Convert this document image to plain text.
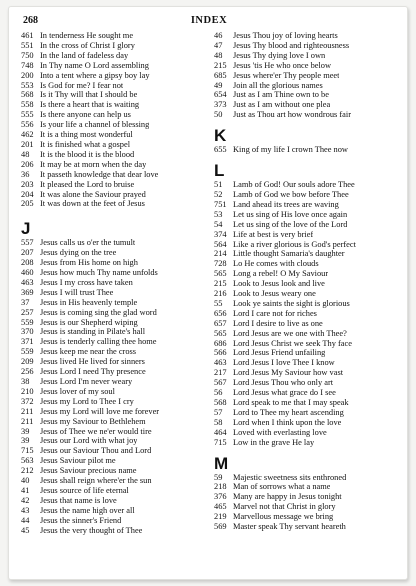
268	INDEX
461 In tenderness He sought me
551 In the cross of Christ I glory
750 In the land of fadeless day
748 In Thy name O Lord assembling
200 Into a tent where a gipsy boy lay
553 Is God for me? I fear not
568 Is it Thy will that I should be
558 Is there a heart that is waiting
555 Is there anyone can help us
556 Is your life a channel of blessing
462 It is a thing most wonderful
201 It is finished what a gospel
48	It is the blood it is the blood
206 It may be at morn when the day
36	It passeth knowledge that dear love
203 It pleased the Lord to bruise
204 It was alone the Saviour prayed
205 It was down at the feet of Jesus
J
557 Jesus calls us o'er the tumult
207 Jesus dying on the tree
208 Jesus from His home on high
460 Jesus how much Thy name unfolds
463 Jesus I my cross have taken
369 Jesus I will trust Thee
37	Jesus in His heavenly temple
257 Jesus is coming sing the glad word
559 Jesus is our Shepherd wiping
370 Jesus is standing in Pilate's hall
371 Jesus is tenderly calling thee home
559 Jesus keep me near the cross
209 Jesus lived He lived for sinners
256 Jesus Lord I need Thy presence
38	Jesus Lord I'm never weary
210 Jesus lover of my soul
372 Jesus my Lord to Thee I cry
211 Jesus my Lord will love me forever
211 Jesus my Saviour to Bethlehem
39	Jesus of Thee we ne'er would tire
39	Jesus our Lord with what joy
715 Jesus our Saviour Thou and Lord
563 Jesus Saviour pilot me
212 Jesus Saviour precious name
40	Jesus shall reign where'er the sun
41	Jesus source of life eternal
42	Jesus that name is love
43	Jesus the name high over all
44	Jesus the sinner's Friend
45	Jesus the very thought of Thee
46	Jesus Thou joy of loving hearts
47	Jesus Thy blood and righteousness
48	Jesus Thy dying love I own
215 Jesus 'tis He who once below
685 Jesus where'er Thy people meet
49	Join all the glorious names
654 Just as I am Thine own to be
373 Just as I am without one plea
50	Just as Thou art how wondrous fair
K
655 King of my life I crown Thee now
L
51	Lamb of God! Our souls adore Thee
52	Lamb of God we bow before Thee
751 Land ahead its trees are waving
53	Let us sing of His love once again
54	Let us sing of the love of the Lord
374 Life at best is very brief
564 Like a river glorious is God's perfect
214 Little thought Samaria's daughter
728 Lo He comes with clouds
565 Long a rebel! O My Saviour
215 Look to Jesus look and live
216 Look to Jesus weary one
55	Look ye saints the sight is glorious
656 Lord I care not for riches
657 Lord I desire to live as one
565 Lord Jesus are we one with Thee?
686 Lord Jesus Christ we seek Thy face
566 Lord Jesus Friend unfailing
463 Lord Jesus I love Thee I know
217 Lord Jesus My Saviour how vast
567 Lord Jesus Thou who only art
56	Lord Jesus what grace do I see
568 Lord speak to me that I may speak
57	Lord to Thee my heart ascending
58	Lord when I think upon the love
464 Loved with everlasting love
715 Low in the grave He lay
M
59	Majestic sweetness sits enthroned
218 Man of sorrows what a name
376 Many are happy in Jesus tonight
465 Marvel not that Christ in glory
219 Marvellous message we bring
569 Master speak Thy servant heareth
